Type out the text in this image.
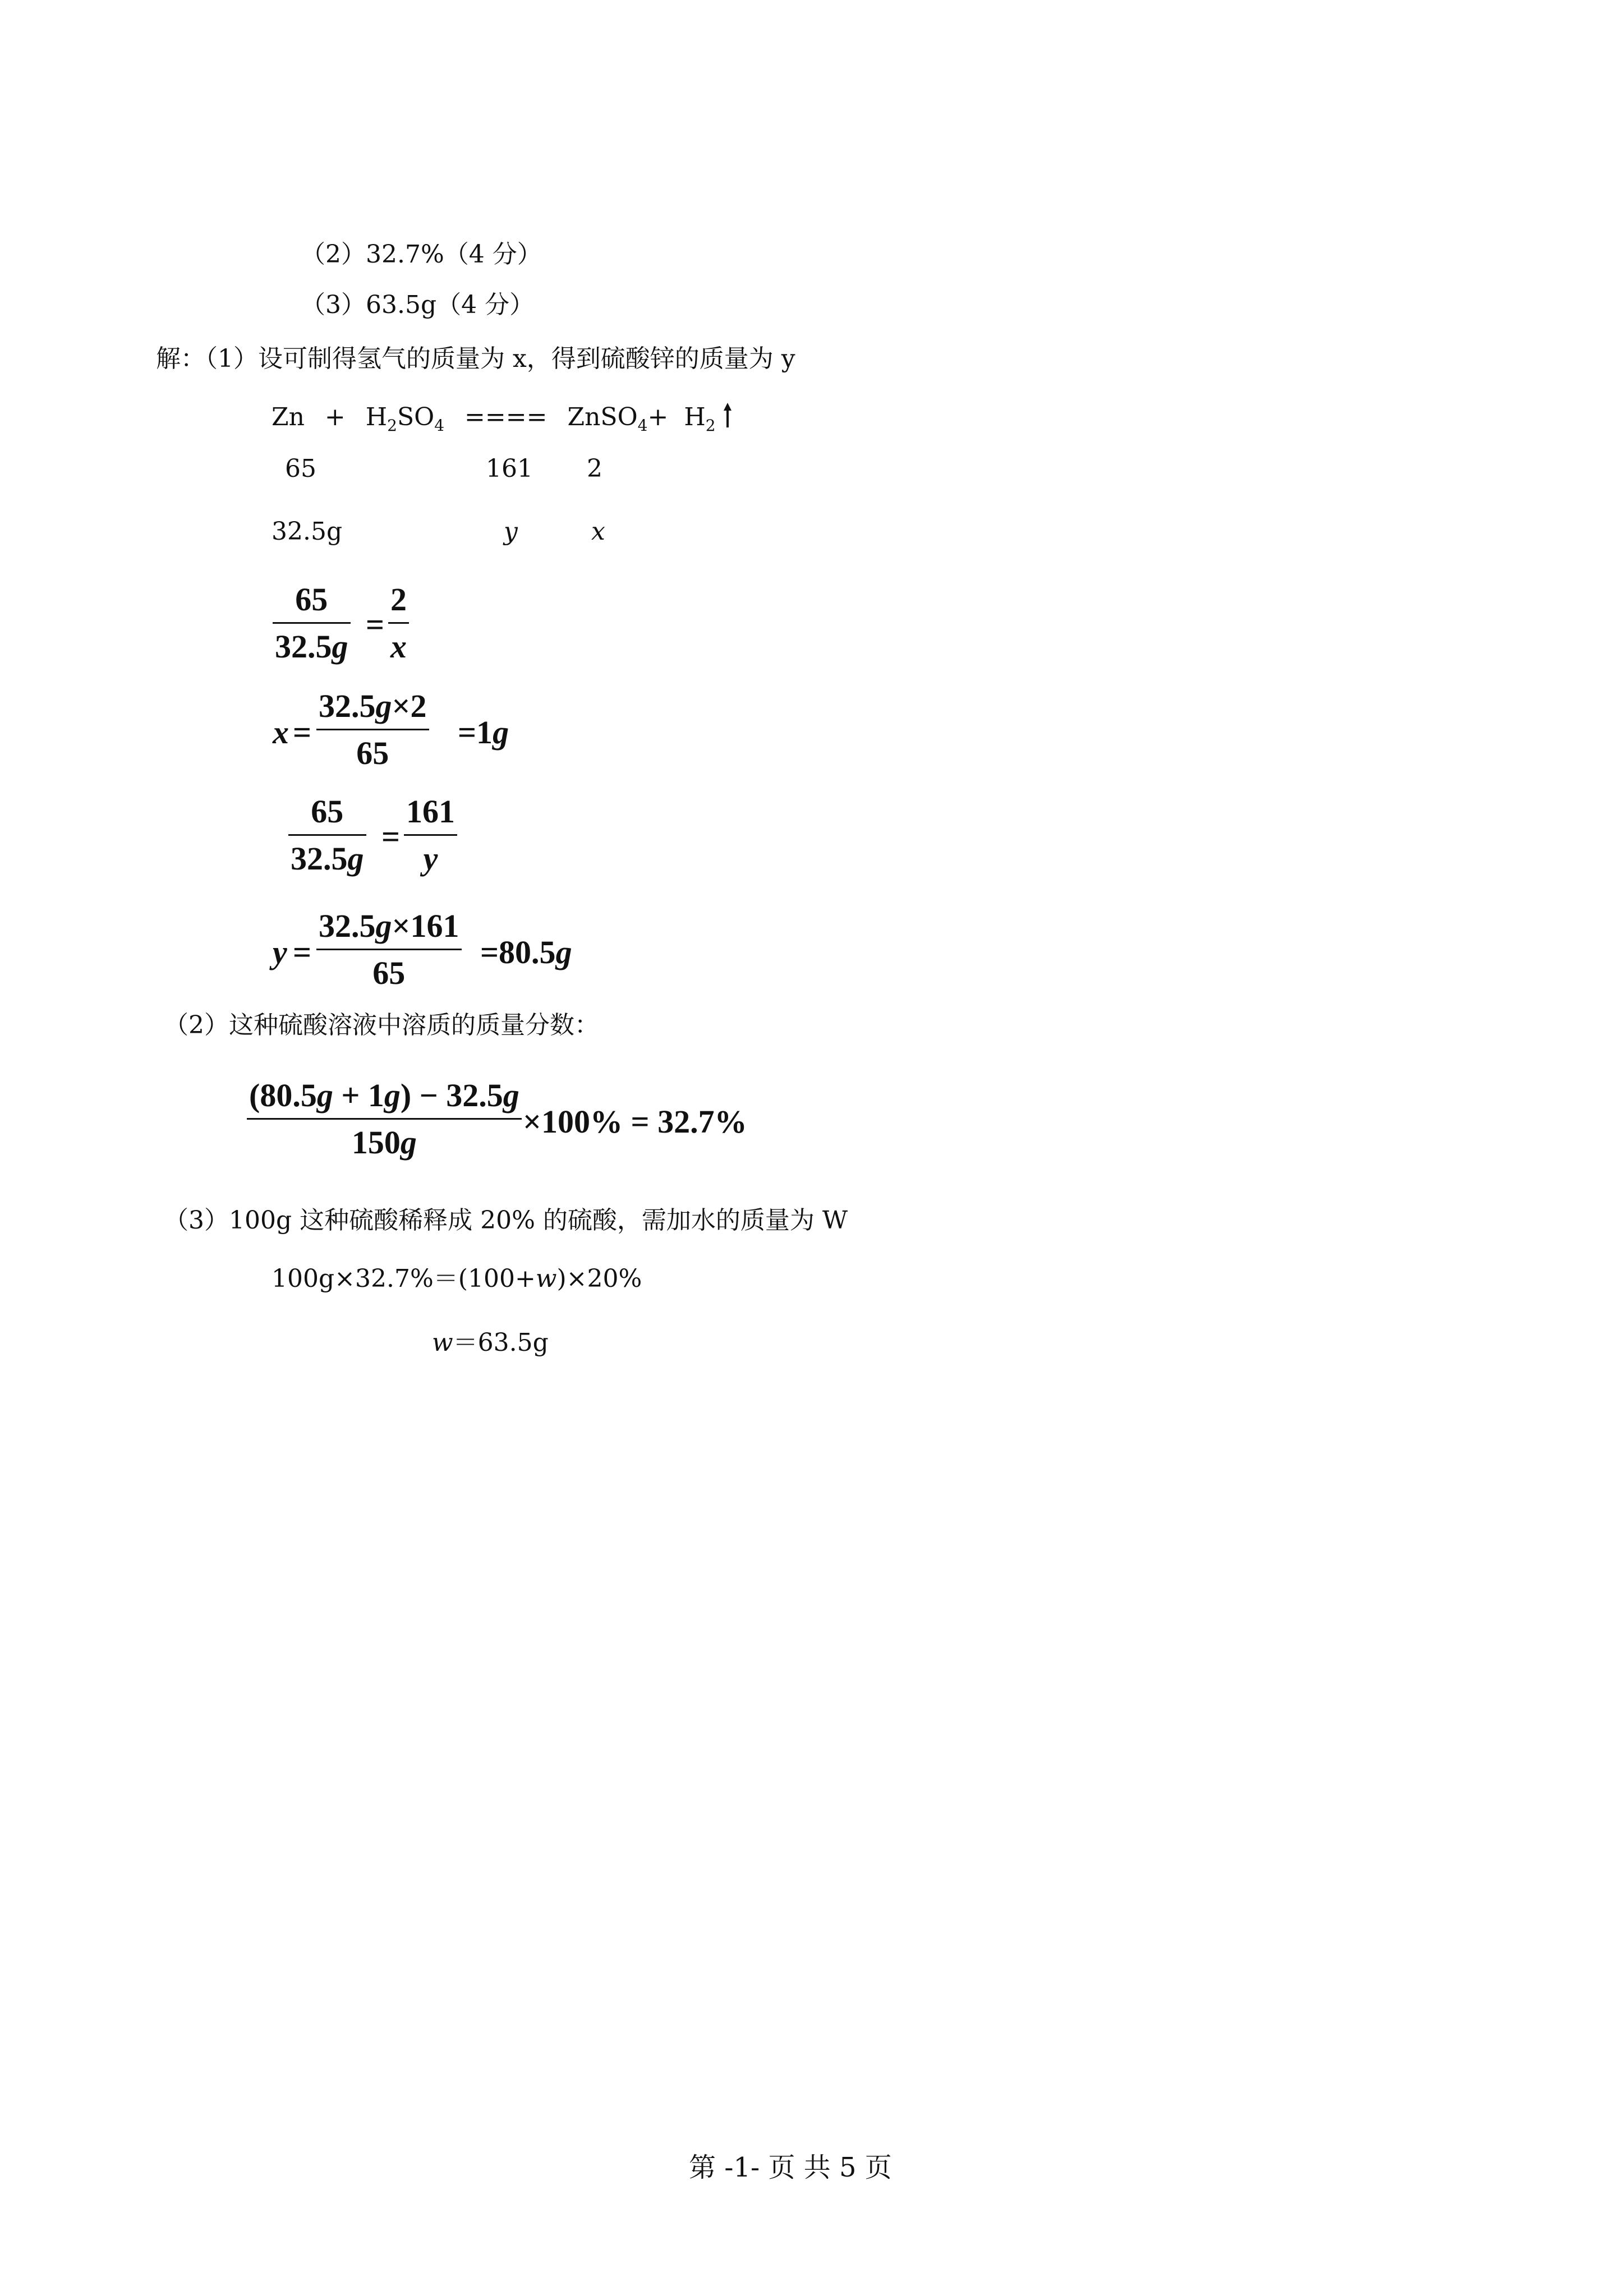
（2）32.7%（4 分）
（3）63.5g（4 分）
解：（1）设可制得氢气的质量为 x，得到硫酸锌的质量为 y
$Zn + H_2SO_4$ ==== ZnSO$_4$+ $H_2$
65	161 2
32.5g	y	x
65
32.5g
=
2
x
x =
32.5g×2
65
=1g
65
32.5g
=
161
y
y =
32.5g×161
65
=80.5g
（2）这种硫酸溶液中溶质的质量分数：
(80.5g + 1g) − 32.5g
150g
×100% = 32.7%
（3）100g 这种硫酸稀释成 20% 的硫酸，需加水的质量为 W
100g×32.7%＝(100+w)×20%
w＝63.5g
第 -1- 页 共 5 页
